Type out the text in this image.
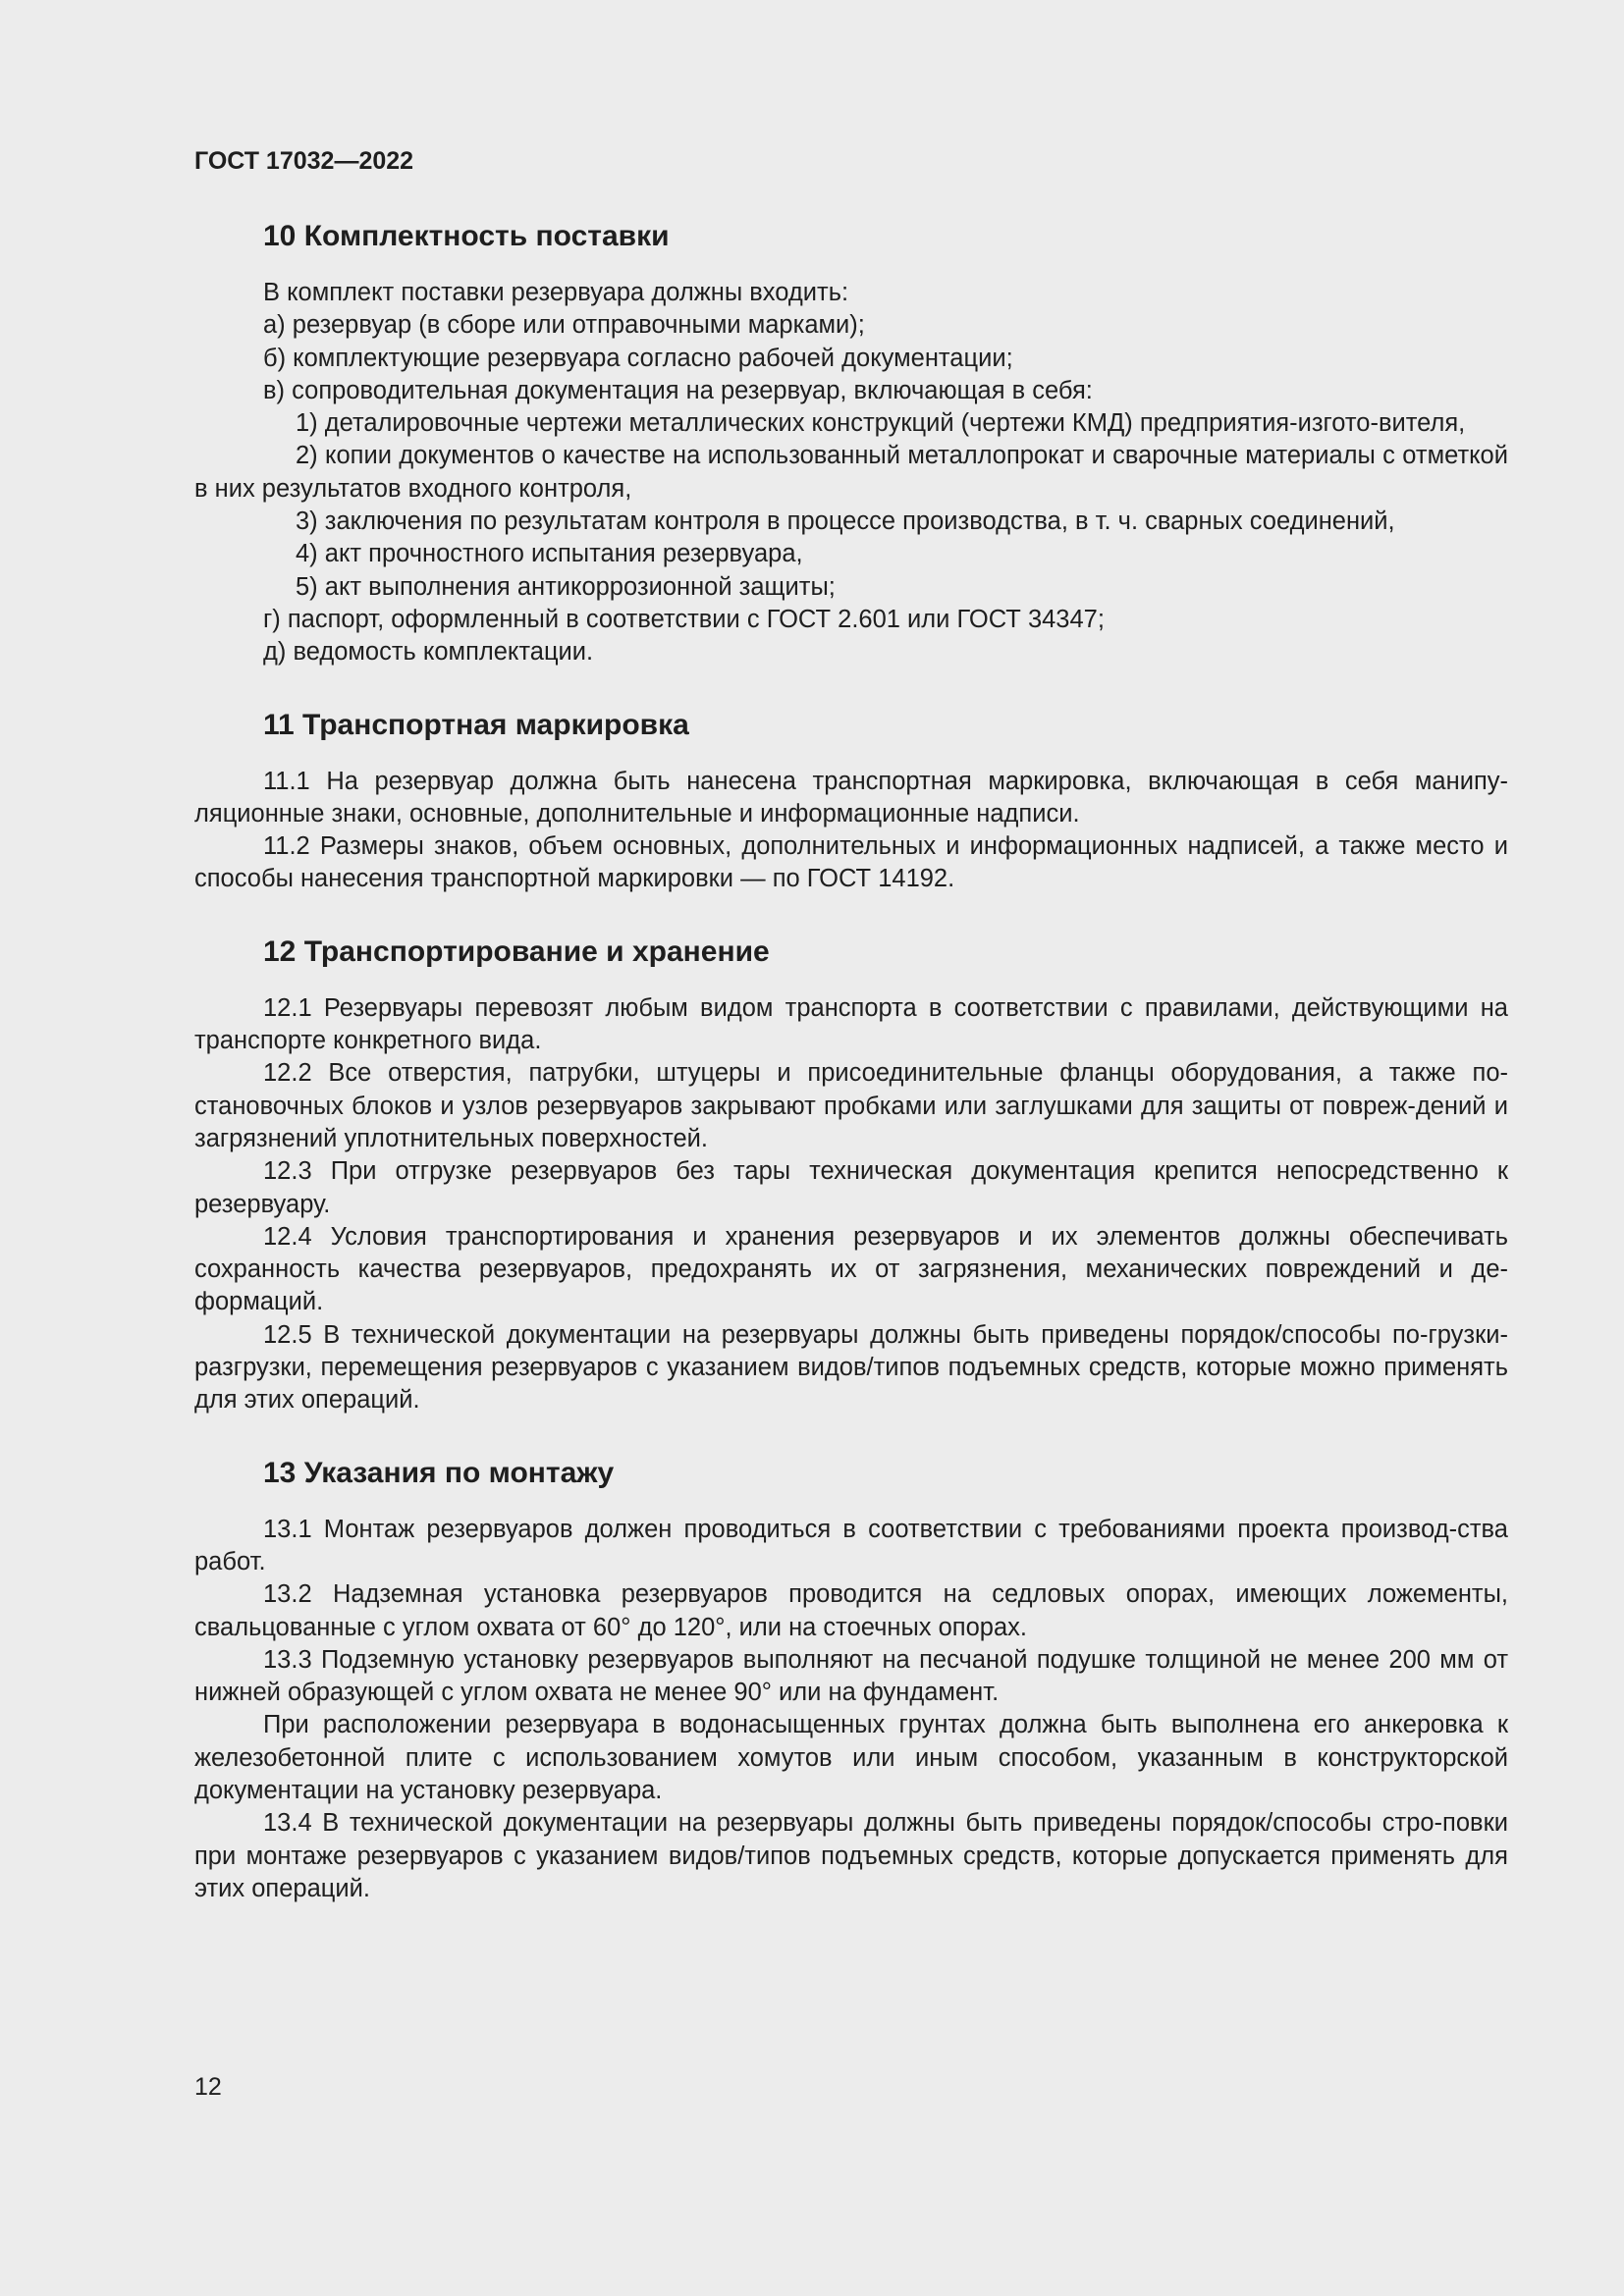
ГОСТ 17032—2022
10 Комплектность поставки

В комплект поставки резервуара должны входить:

а) резервуар (в сборе или отправочными марками);

б) комплектующие резервуара согласно рабочей документации;

в) сопроводительная документация на резервуар, включающая в себя:

1) деталировочные чертежи металлических конструкций (чертежи КМД) предприятия-изгото-вителя,

2) копии документов о качестве на использованный металлопрокат и сварочные материалы с отметкой в них результатов входного контроля,

3) заключения по результатам контроля в процессе производства, в т. ч. сварных соединений,

4) акт прочностного испытания резервуара,

5) акт выполнения антикоррозионной защиты;

г) паспорт, оформленный в соответствии с ГОСТ 2.601 или ГОСТ 34347;

д) ведомость комплектации.

11 Транспортная маркировка

11.1 На резервуар должна быть нанесена транспортная маркировка, включающая в себя манипу-ляционные знаки, основные, дополнительные и информационные надписи.

11.2 Размеры знаков, объем основных, дополнительных и информационных надписей, а также место и способы нанесения транспортной маркировки — по ГОСТ 14192.

12 Транспортирование и хранение

12.1 Резервуары перевозят любым видом транспорта в соответствии с правилами, действующими на транспорте конкретного вида.

12.2 Все отверстия, патрубки, штуцеры и присоединительные фланцы оборудования, а также по-становочных блоков и узлов резервуаров закрывают пробками или заглушками для защиты от повреж-дений и загрязнений уплотнительных поверхностей.

12.3 При отгрузке резервуаров без тары техническая документация крепится непосредственно к резервуару.

12.4 Условия транспортирования и хранения резервуаров и их элементов должны обеспечивать сохранность качества резервуаров, предохранять их от загрязнения, механических повреждений и де-формаций.

12.5 В технической документации на резервуары должны быть приведены порядок/способы по-грузки-разгрузки, перемещения резервуаров с указанием видов/типов подъемных средств, которые можно применять для этих операций.

13 Указания по монтажу

13.1 Монтаж резервуаров должен проводиться в соответствии с требованиями проекта производ-ства работ.

13.2 Надземная установка резервуаров проводится на седловых опорах, имеющих ложементы, свальцованные с углом охвата от 60° до 120°, или на стоечных опорах.

13.3 Подземную установку резервуаров выполняют на песчаной подушке толщиной не менее 200 мм от нижней образующей с углом охвата не менее 90° или на фундамент.

При расположении резервуара в водонасыщенных грунтах должна быть выполнена его анкеровка к железобетонной плите с использованием хомутов или иным способом, указанным в конструкторской документации на установку резервуара.

13.4 В технической документации на резервуары должны быть приведены порядок/способы стро-повки при монтаже резервуаров с указанием видов/типов подъемных средств, которые допускается применять для этих операций.

12
